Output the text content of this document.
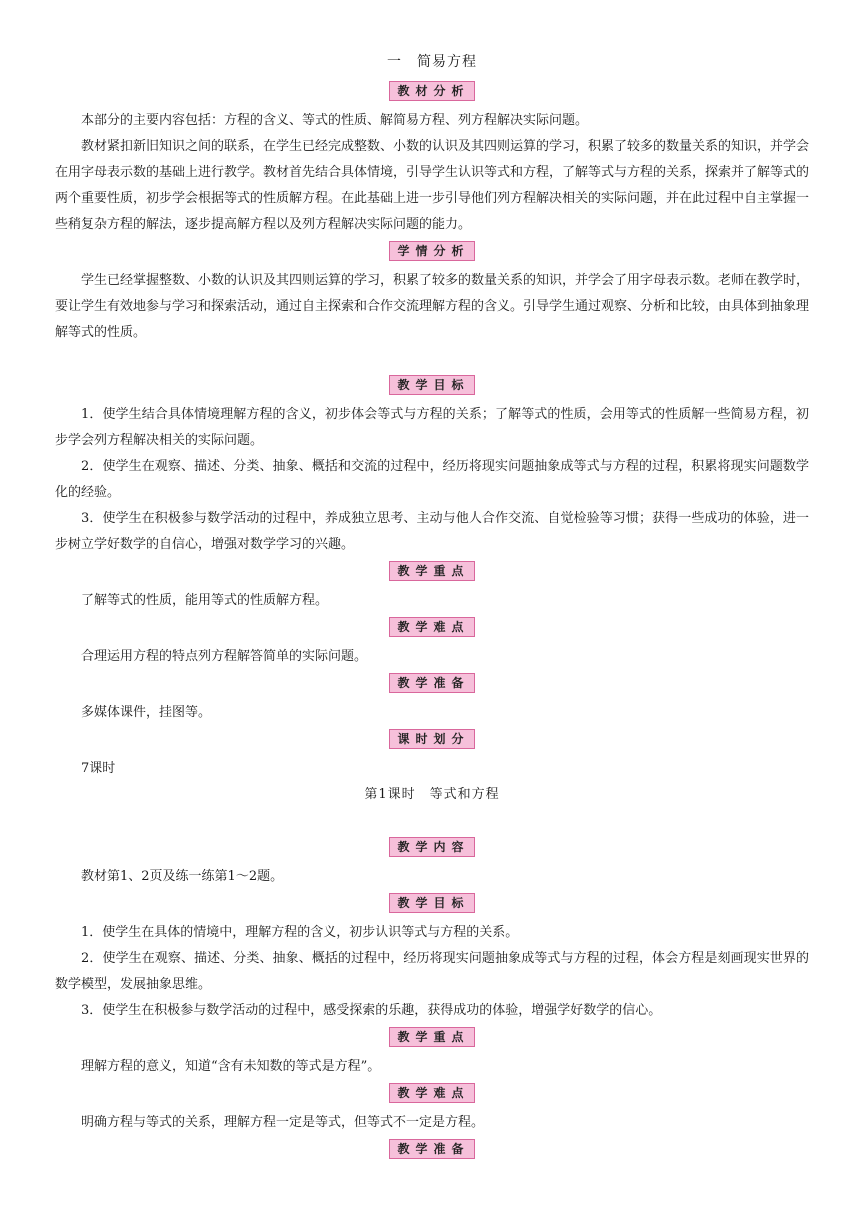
一　简易方程
教材分析

本部分的主要内容包括：方程的含义、等式的性质、解简易方程、列方程解决实际问题。

教材紧扣新旧知识之间的联系，在学生已经完成整数、小数的认识及其四则运算的学习，积累了较多的数量关系的知识，并学会在用字母表示数的基础上进行教学。教材首先结合具体情境，引导学生认识等式和方程，了解等式与方程的关系，探索并了解等式的两个重要性质，初步学会根据等式的性质解方程。在此基础上进一步引导他们列方程解决相关的实际问题，并在此过程中自主掌握一些稍复杂方程的解法，逐步提高解方程以及列方程解决实际问题的能力。

学情分析

学生已经掌握整数、小数的认识及其四则运算的学习，积累了较多的数量关系的知识，并学会了用字母表示数。老师在教学时，要让学生有效地参与学习和探索活动，通过自主探索和合作交流理解方程的含义。引导学生通过观察、分析和比较，由具体到抽象理解等式的性质。

教学目标

1．使学生结合具体情境理解方程的含义，初步体会等式与方程的关系；了解等式的性质，会用等式的性质解一些简易方程，初步学会列方程解决相关的实际问题。

2．使学生在观察、描述、分类、抽象、概括和交流的过程中，经历将现实问题抽象成等式与方程的过程，积累将现实问题数学化的经验。

3．使学生在积极参与数学活动的过程中，养成独立思考、主动与他人合作交流、自觉检验等习惯；获得一些成功的体验，进一步树立学好数学的自信心，增强对数学学习的兴趣。

教学重点

了解等式的性质，能用等式的性质解方程。

教学难点

合理运用方程的特点列方程解答简单的实际问题。

教学准备

多媒体课件，挂图等。

课时划分

7课时

第1课时　等式和方程
教学内容

教材第1、2页及练一练第1～2题。

教学目标

1．使学生在具体的情境中，理解方程的含义，初步认识等式与方程的关系。

2．使学生在观察、描述、分类、抽象、概括的过程中，经历将现实问题抽象成等式与方程的过程，体会方程是刻画现实世界的数学模型，发展抽象思维。

3．使学生在积极参与数学活动的过程中，感受探索的乐趣，获得成功的体验，增强学好数学的信心。

教学重点

理解方程的意义，知道“含有未知数的等式是方程”。

教学难点

明确方程与等式的关系，理解方程一定是等式，但等式不一定是方程。

教学准备
